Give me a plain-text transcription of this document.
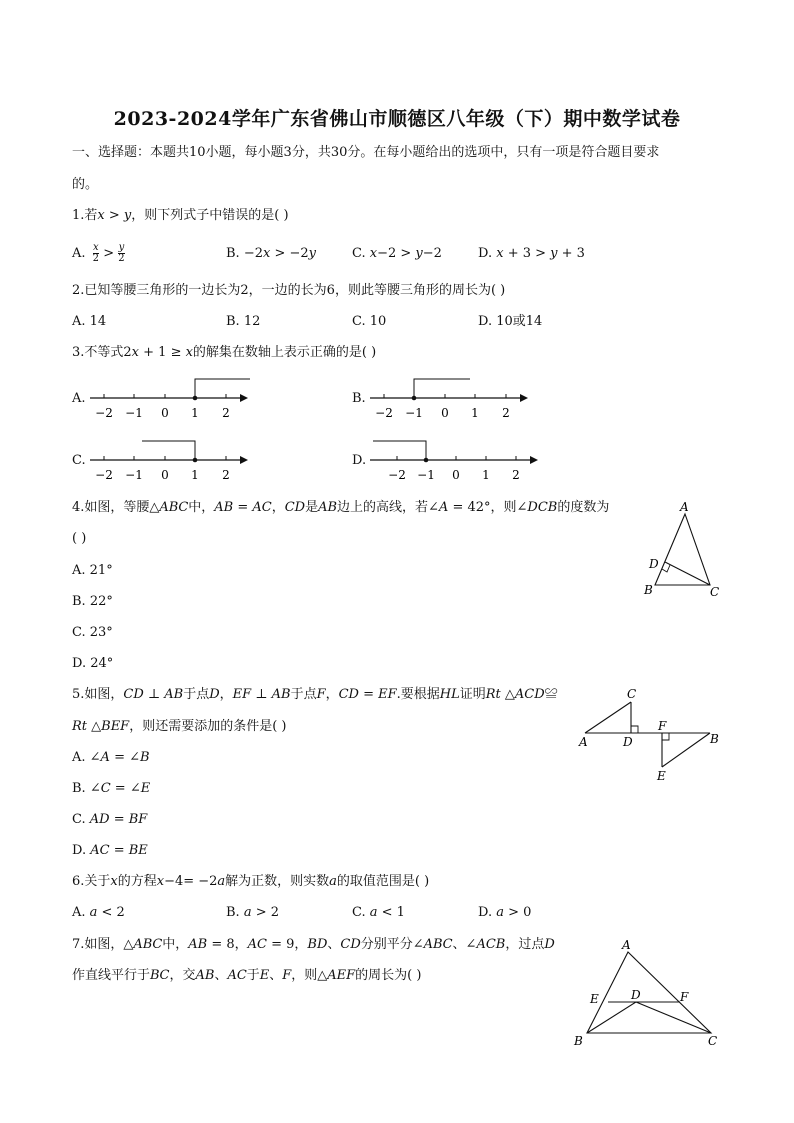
2023-2024学年广东省佛山市顺德区八年级（下）期中数学试卷
一、选择题：本题共10小题，每小题3分，共30分。在每小题给出的选项中，只有一项是符合题目要求
的。
1.若𝑥 > 𝑦，则下列式子中错误的是( )
A. 𝑥
2 > 𝑦
2	B. −2𝑥 > −2𝑦	C. 𝑥−2 > 𝑦−2	D. 𝑥 + 3 > 𝑦 + 3
2.已知等腰三角形的一边长为2，一边的长为6，则此等腰三角形的周长为( )
A. 14	B. 12	C. 10	D. 10或14
3.不等式2𝑥 + 1 ≥ 𝑥的解集在数轴上表示正确的是( )
A.
−2 −1 0 1 2
B.
−2 −1 0 1 2
C.
−2 −1 0 1 2
D.
−2 −1 0 1 2
4.如图，等腰△𝐴𝐵𝐶中，𝐴𝐵 = 𝐴𝐶，𝐶𝐷是𝐴𝐵边上的高线，若∠𝐴 = 42°，则∠𝐷𝐶𝐵的度数为
( )
A. 21°
B. 22°
C. 23°
D. 24°
A
B	C
D
5.如图，𝐶𝐷 ⊥ 𝐴𝐵于点𝐷，𝐸𝐹 ⊥ 𝐴𝐵于点𝐹，𝐶𝐷 = 𝐸𝐹.要根据𝐻𝐿证明𝑅𝑡 △𝐴𝐶𝐷≌
𝑅𝑡 △𝐵𝐸𝐹，则还需要添加的条件是( )
A. ∠𝐴 = ∠𝐵
B. ∠𝐶 = ∠𝐸
C. 𝐴𝐷 = 𝐵𝐹
D. 𝐴𝐶 = 𝐵𝐸
C
A	D
F
B
E
6.关于𝑥的方程𝑥−4= −2𝑎解为正数，则实数𝑎的取值范围是( )
A. 𝑎 < 2	B. 𝑎 > 2	C. 𝑎 < 1	D. 𝑎 > 0
7.如图，△𝐴𝐵𝐶中，𝐴𝐵 = 8，𝐴𝐶 = 9，𝐵𝐷、𝐶𝐷分别平分∠𝐴𝐵𝐶、∠𝐴𝐶𝐵，过点𝐷
作直线平行于𝐵𝐶，交𝐴𝐵、𝐴𝐶于𝐸、𝐹，则△𝐴𝐸𝐹的周长为( )
A
E	D	F
B	C
